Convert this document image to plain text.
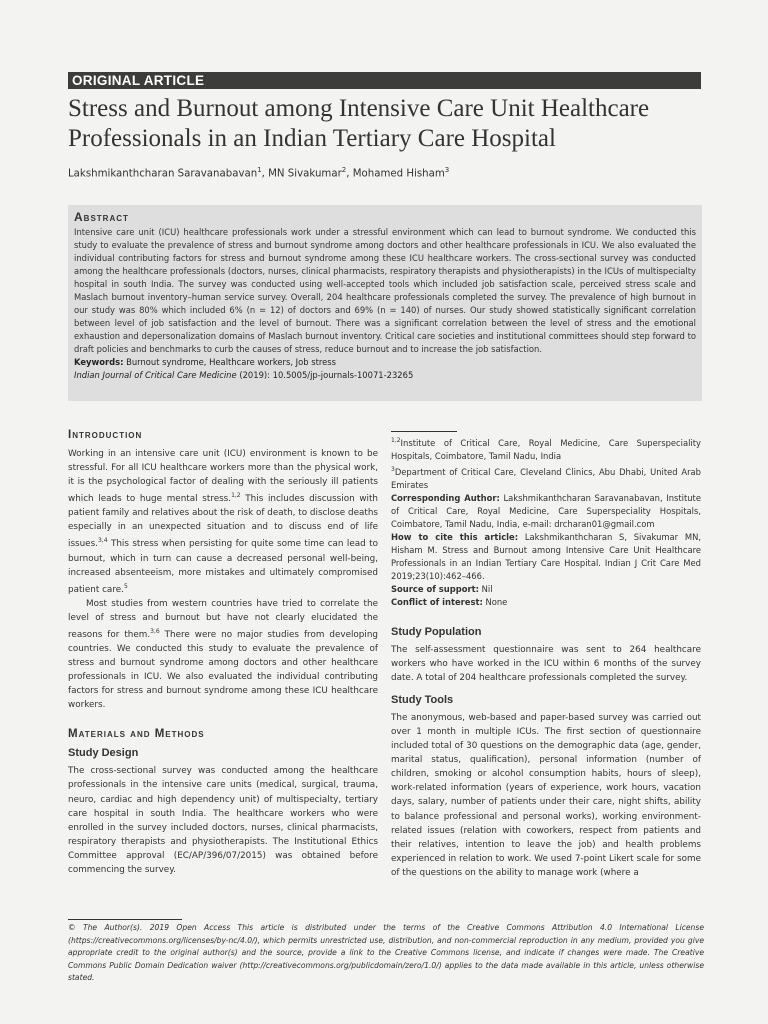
ORIGINAL ARTICLE
Stress and Burnout among Intensive Care Unit Healthcare Professionals in an Indian Tertiary Care Hospital
Lakshmikanthcharan Saravanabavan$^1$, MN Sivakumar$^2$, Mohamed Hisham$^3$
Abstract

Intensive care unit (ICU) healthcare professionals work under a stressful environment which can lead to burnout syndrome. We conducted this study to evaluate the prevalence of stress and burnout syndrome among doctors and other healthcare professionals in ICU. We also evaluated the individual contributing factors for stress and burnout syndrome among these ICU healthcare workers. The cross-sectional survey was conducted among the healthcare professionals (doctors, nurses, clinical pharmacists, respiratory therapists and physiotherapists) in the ICUs of multispecialty hospital in south India. The survey was conducted using well-accepted tools which included job satisfaction scale, perceived stress scale and Maslach burnout inventory–human service survey. Overall, 204 healthcare professionals completed the survey. The prevalence of high burnout in our study was 80% which included 6% (n = 12) of doctors and 69% (n = 140) of nurses. Our study showed statistically significant correlation between level of job satisfaction and the level of burnout. There was a significant correlation between the level of stress and the emotional exhaustion and depersonalization domains of Maslach burnout inventory. Critical care societies and institutional committees should step forward to draft policies and benchmarks to curb the causes of stress, reduce burnout and to increase the job satisfaction.

Keywords: Burnout syndrome, Healthcare workers, Job stress

Indian Journal of Critical Care Medicine (2019): 10.5005/jp-journals-10071-23265

Introduction

Working in an intensive care unit (ICU) environment is known to be stressful. For all ICU healthcare workers more than the physical work, it is the psychological factor of dealing with the seriously ill patients which leads to huge mental stress.$^{1,2}$ This includes discussion with patient family and relatives about the risk of death, to disclose deaths especially in an unexpected situation and to discuss end of life issues.$^{3,4}$ This stress when persisting for quite some time can lead to burnout, which in turn can cause a decreased personal well-being, increased absenteeism, more mistakes and ultimately compromised patient care.$^5$

Most studies from western countries have tried to correlate the level of stress and burnout but have not clearly elucidated the reasons for them.$^{3,6}$ There were no major studies from developing countries. We conducted this study to evaluate the prevalence of stress and burnout syndrome among doctors and other healthcare professionals in ICU. We also evaluated the individual contributing factors for stress and burnout syndrome among these ICU healthcare workers.

Materials and Methods
Study Design

The cross-sectional survey was conducted among the healthcare professionals in the intensive care units (medical, surgical, trauma, neuro, cardiac and high dependency unit) of multispecialty, tertiary care hospital in south India. The healthcare workers who were enrolled in the survey included doctors, nurses, clinical pharmacists, respiratory therapists and physiotherapists. The Institutional Ethics Committee approval (EC/AP/396/07/2015) was obtained before commencing the survey.

$^{1,2}$Institute of Critical Care, Royal Medicine, Care Superspeciality Hospitals, Coimbatore, Tamil Nadu, India

$^3$Department of Critical Care, Cleveland Clinics, Abu Dhabi, United Arab Emirates

Corresponding Author: Lakshmikanthcharan Saravanabavan, Institute of Critical Care, Royal Medicine, Care Superspeciality Hospitals, Coimbatore, Tamil Nadu, India, e-mail: drcharan01@gmail.com

How to cite this article: Lakshmikanthcharan S, Sivakumar MN, Hisham M. Stress and Burnout among Intensive Care Unit Healthcare Professionals in an Indian Tertiary Care Hospital. Indian J Crit Care Med 2019;23(10):462–466.

Source of support: Nil

Conflict of interest: None

Study Population

The self-assessment questionnaire was sent to 264 healthcare workers who have worked in the ICU within 6 months of the survey date. A total of 204 healthcare professionals completed the survey.

Study Tools

The anonymous, web-based and paper-based survey was carried out over 1 month in multiple ICUs. The first section of questionnaire included total of 30 questions on the demographic data (age, gender, marital status, qualification), personal information (number of children, smoking or alcohol consumption habits, hours of sleep), work-related information (years of experience, work hours, vacation days, salary, number of patients under their care, night shifts, ability to balance professional and personal works), working environment-related issues (relation with coworkers, respect from patients and their relatives, intention to leave the job) and health problems experienced in relation to work. We used 7-point Likert scale for some of the questions on the ability to manage work (where a

© The Author(s). 2019 Open Access This article is distributed under the terms of the Creative Commons Attribution 4.0 International License (https://creativecommons.org/licenses/by-nc/4.0/), which permits unrestricted use, distribution, and non-commercial reproduction in any medium, provided you give appropriate credit to the original author(s) and the source, provide a link to the Creative Commons license, and indicate if changes were made. The Creative Commons Public Domain Dedication waiver (http://creativecommons.org/publicdomain/zero/1.0/) applies to the data made available in this article, unless otherwise stated.
